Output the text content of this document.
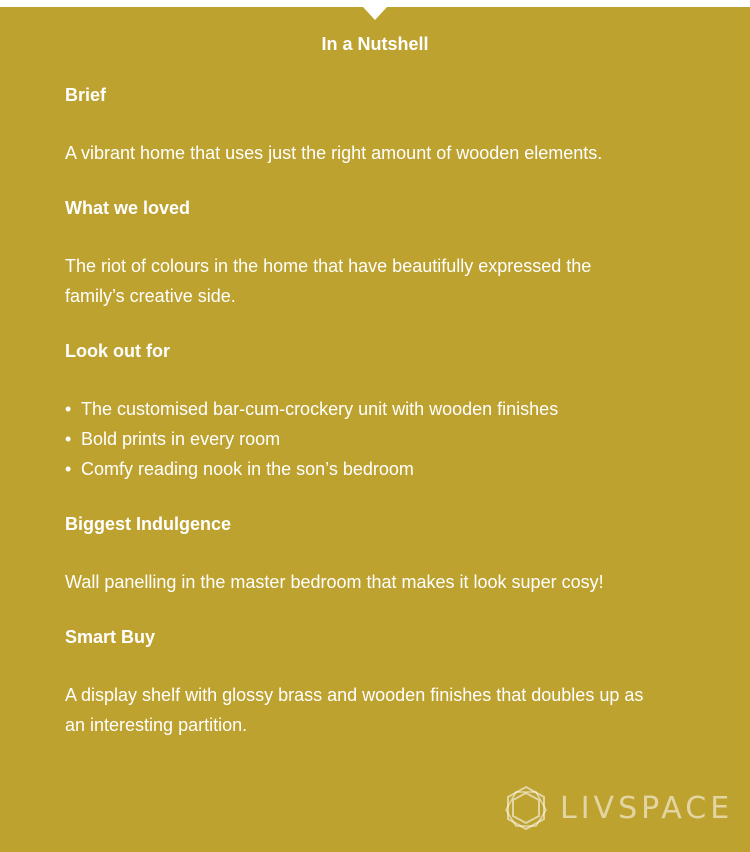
In a Nutshell

Brief

A vibrant home that uses just the right amount of wooden elements.

What we loved

The riot of colours in the home that have beautifully expressed the family’s creative side.

Look out for

• The customised bar-cum-crockery unit with wooden finishes
• Bold prints in every room
• Comfy reading nook in the son’s bedroom

Biggest Indulgence

Wall panelling in the master bedroom that makes it look super cosy!

Smart Buy

A display shelf with glossy brass and wooden finishes that doubles up as an interesting partition.

LIVSPACE
